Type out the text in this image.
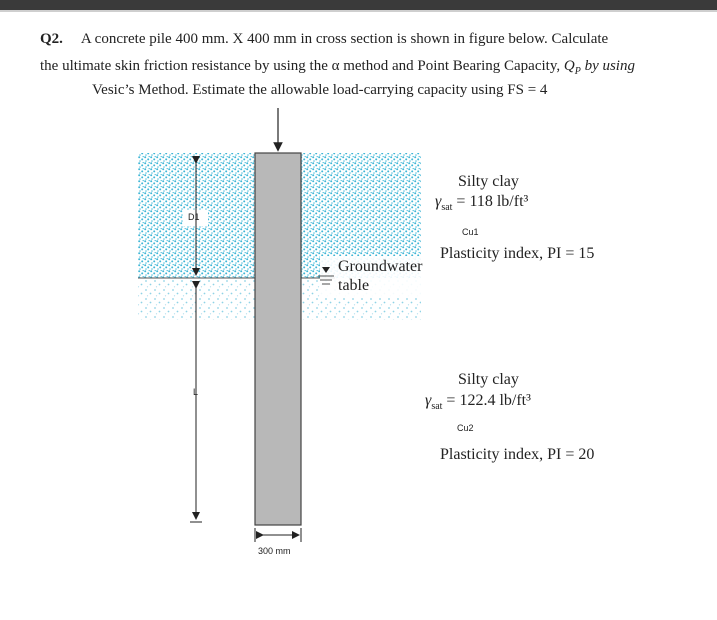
Q2. A concrete pile 400 mm. X 400 mm in cross section is shown in figure below. Calculate
the ultimate skin friction resistance by using the α method and Point Bearing Capacity, $Q_P$ by using
Vesic’s Method. Estimate the allowable load-carrying capacity using FS = 4
D1
L
300 mm
Groundwater
table
Silty clay
$\gamma_{sat} = 118$ lb/ft³
Cu1
Plasticity index, PI = 15
Silty clay
$\gamma_{sat} = 122.4$ lb/ft³
Cu2
Plasticity index, PI = 20
